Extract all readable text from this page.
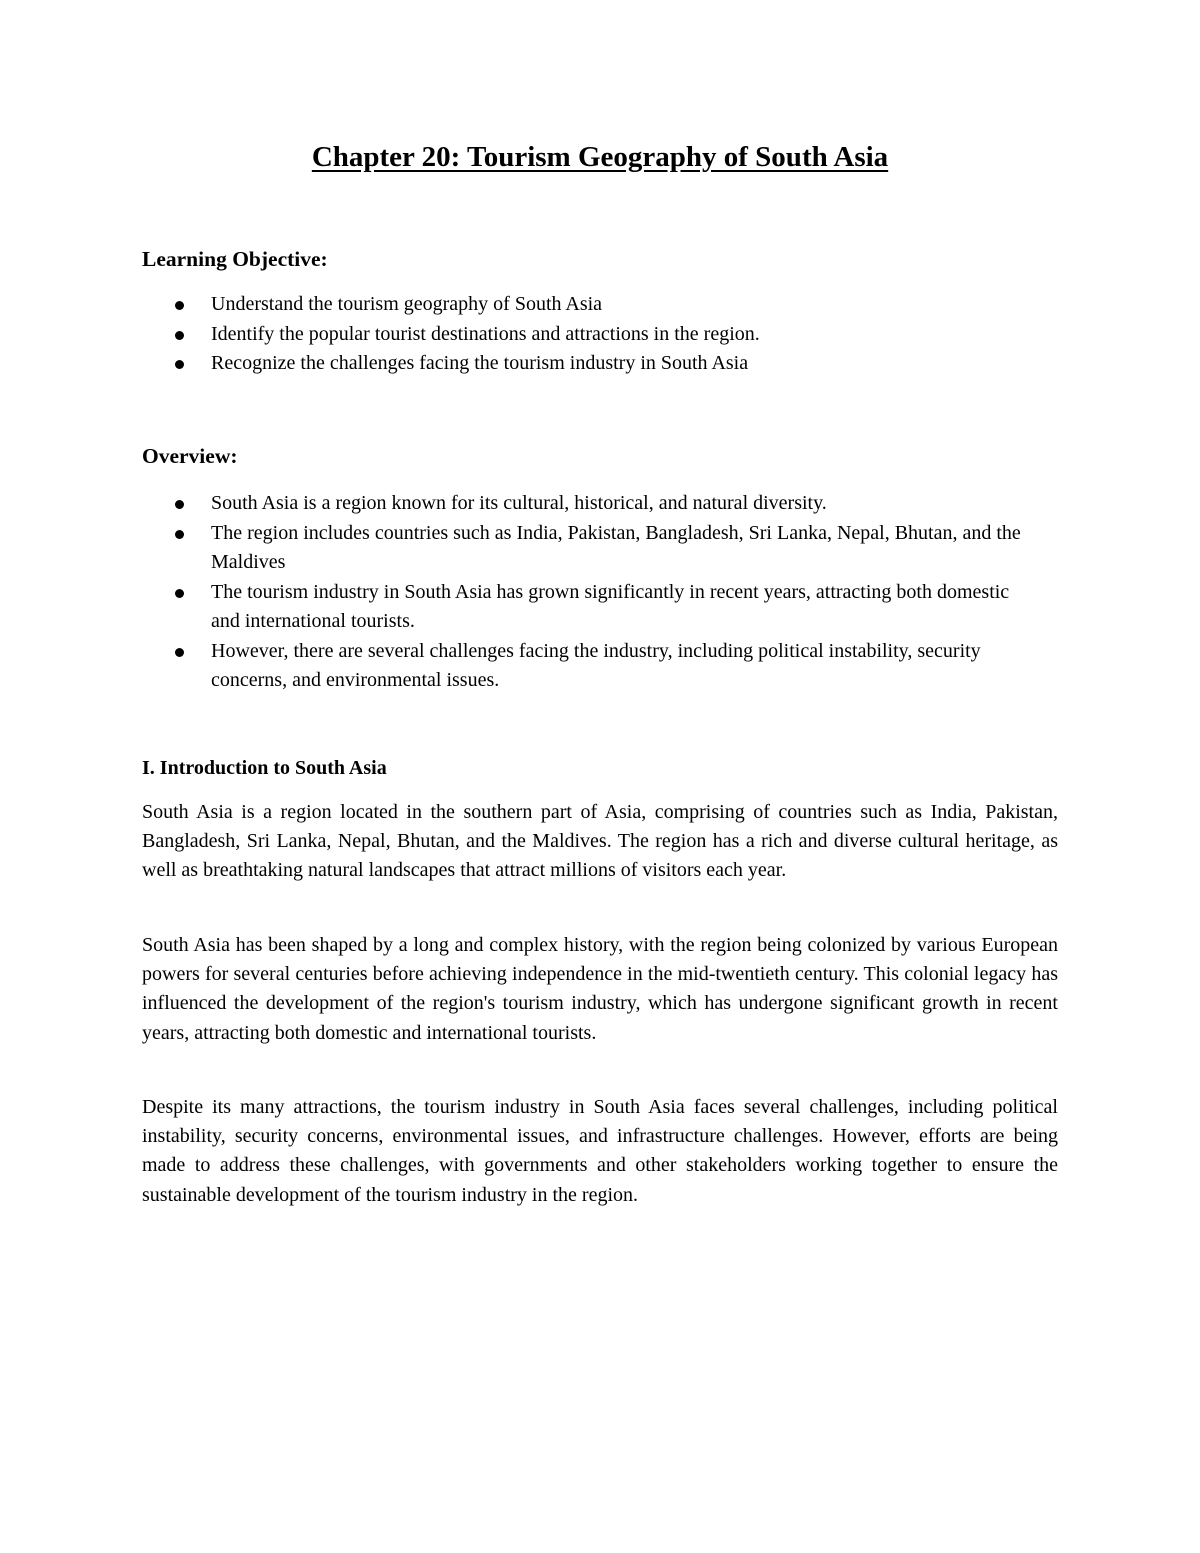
Chapter 20: Tourism Geography of South Asia
Learning Objective:
Understand the tourism geography of South Asia
Identify the popular tourist destinations and attractions in the region.
Recognize the challenges facing the tourism industry in South Asia
Overview:
South Asia is a region known for its cultural, historical, and natural diversity.
The region includes countries such as India, Pakistan, Bangladesh, Sri Lanka, Nepal, Bhutan, and the Maldives
The tourism industry in South Asia has grown significantly in recent years, attracting both domestic and international tourists.
However, there are several challenges facing the industry, including political instability, security concerns, and environmental issues.
I. Introduction to South Asia

South Asia is a region located in the southern part of Asia, comprising of countries such as India, Pakistan, Bangladesh, Sri Lanka, Nepal, Bhutan, and the Maldives. The region has a rich and diverse cultural heritage, as well as breathtaking natural landscapes that attract millions of visitors each year.

South Asia has been shaped by a long and complex history, with the region being colonized by various European powers for several centuries before achieving independence in the mid-twentieth century. This colonial legacy has influenced the development of the region's tourism industry, which has undergone significant growth in recent years, attracting both domestic and international tourists.

Despite its many attractions, the tourism industry in South Asia faces several challenges, including political instability, security concerns, environmental issues, and infrastructure challenges. However, efforts are being made to address these challenges, with governments and other stakeholders working together to ensure the sustainable development of the tourism industry in the region.
